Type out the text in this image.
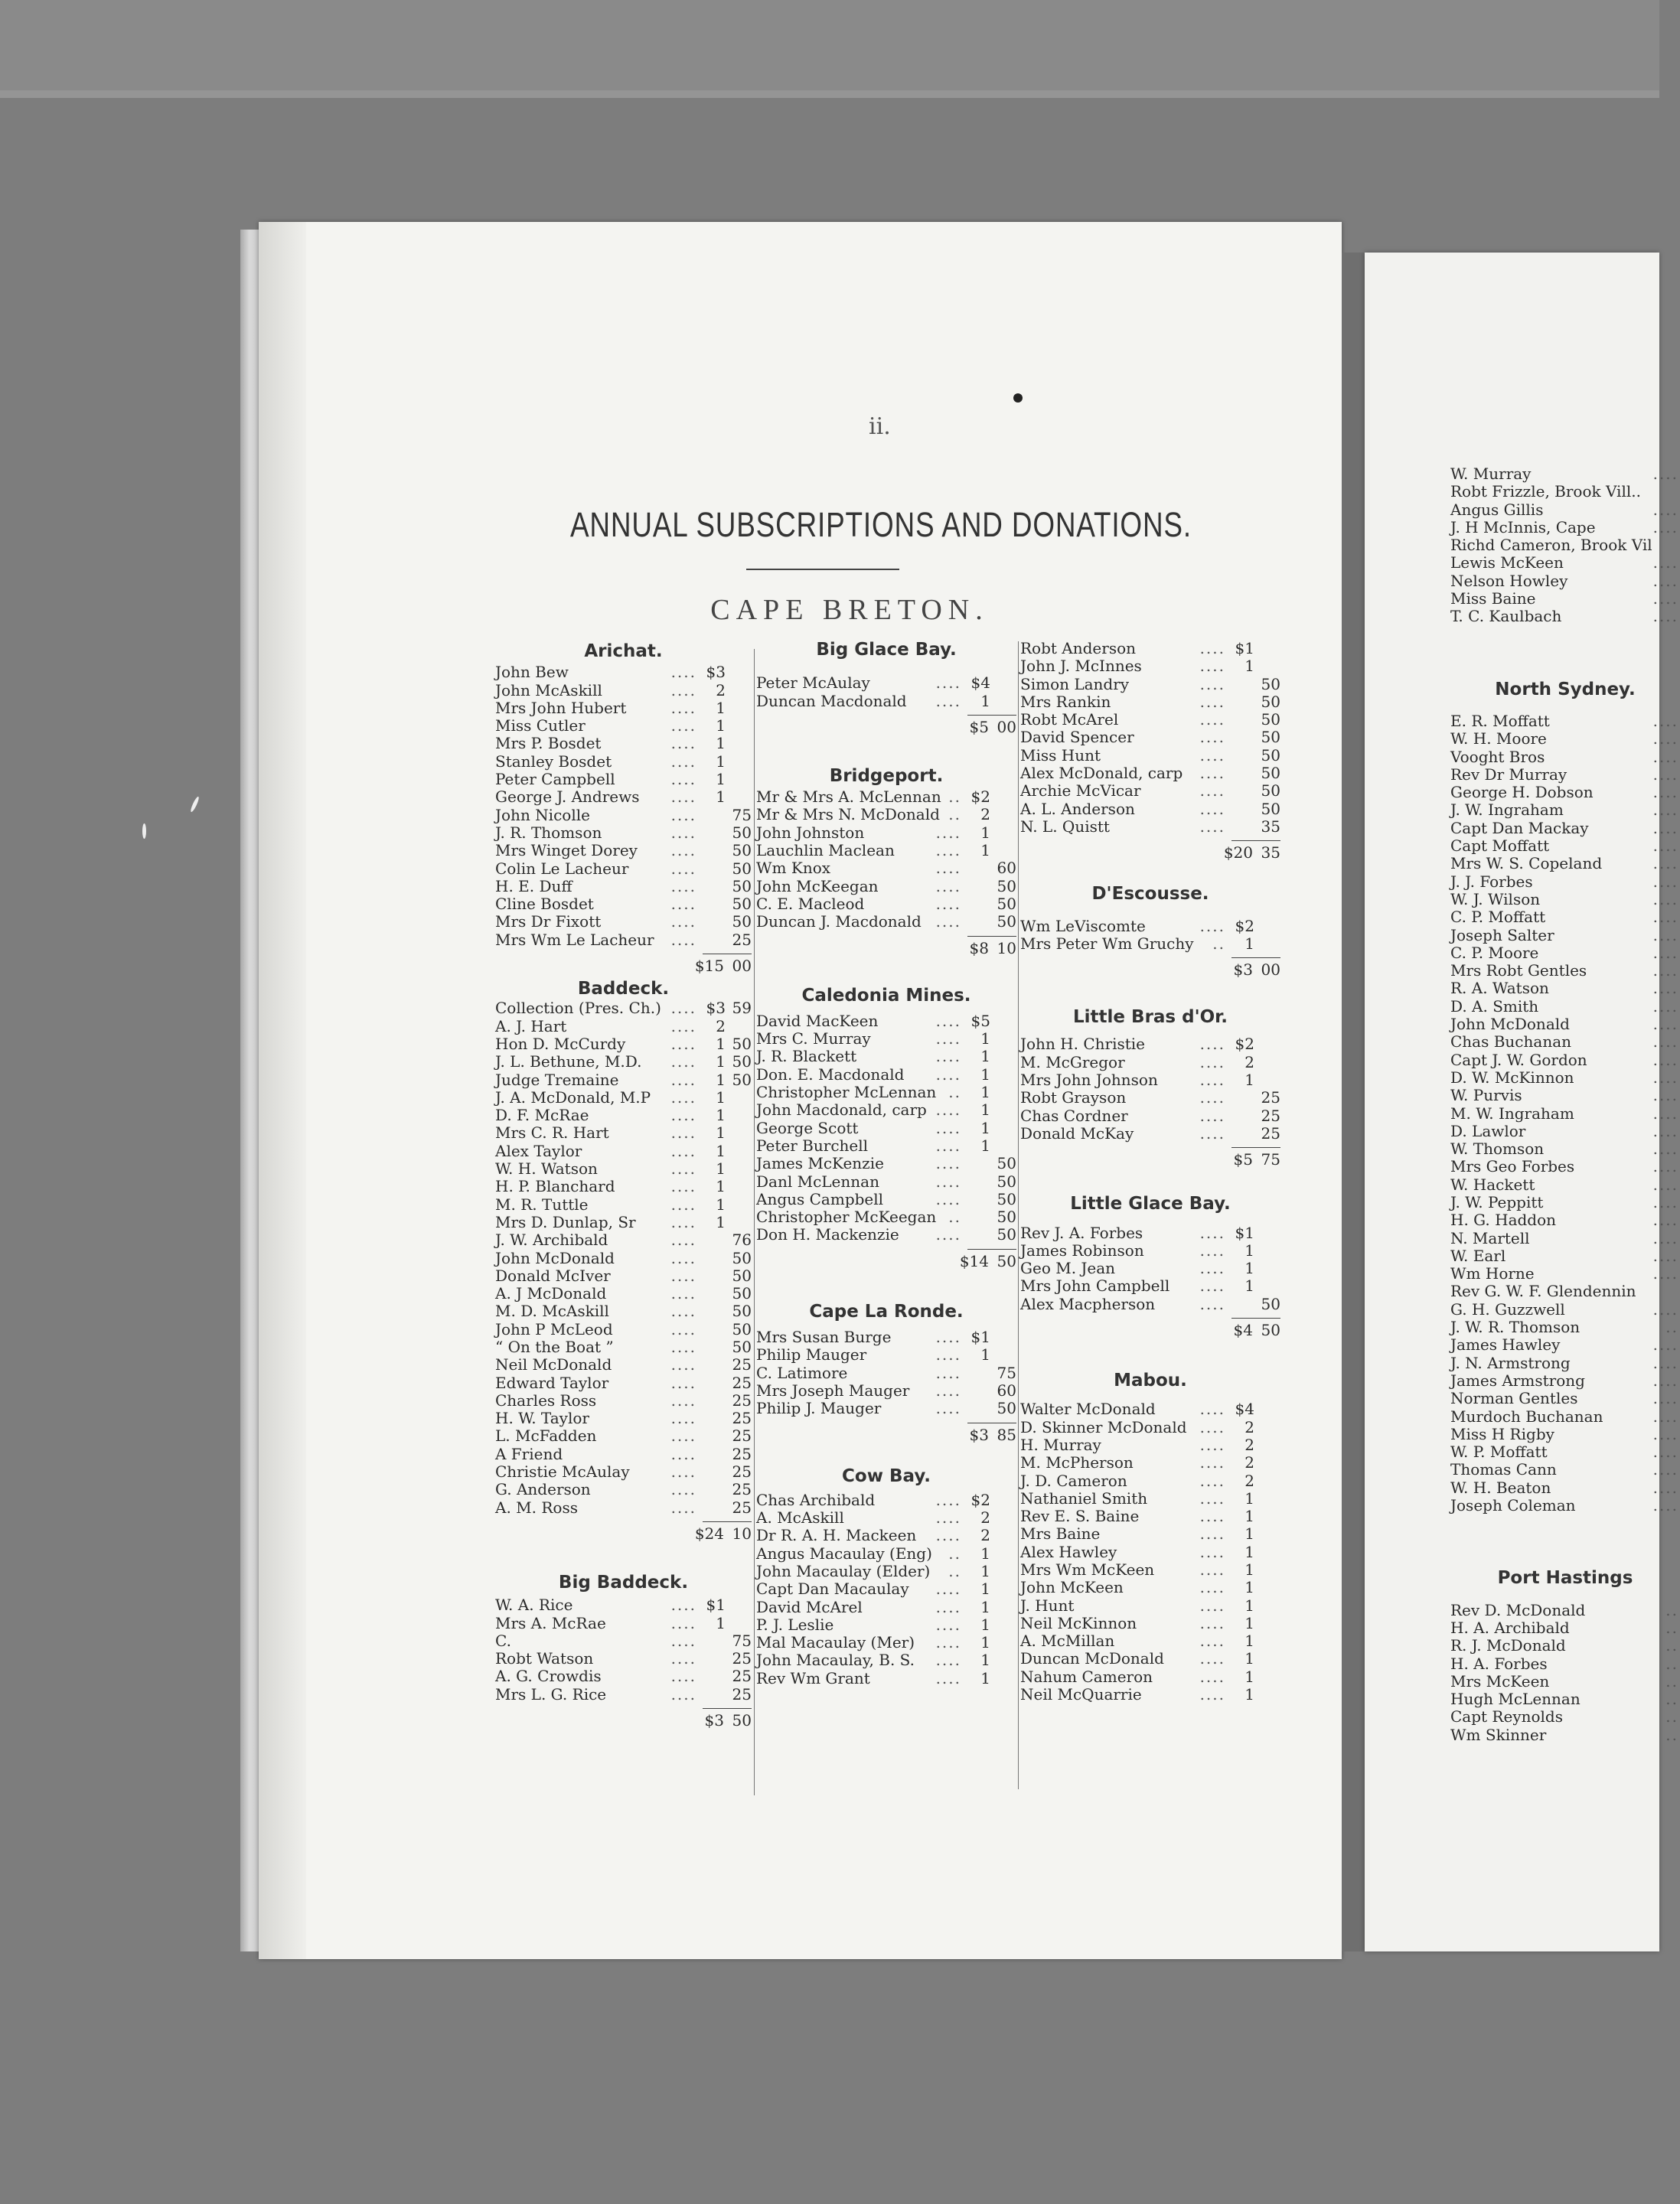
W. Murray	....
Robt Frizzle, Brook Vill..
Angus Gillis	....
J. H McInnis, Cape	....
Richd Cameron, Brook Vil
Lewis McKeen	....
Nelson Howley	....
Miss Baine	....
T. C. Kaulbach	....
North Sydney.
E. R. Moffatt	....
W. H. Moore	....
Vooght Bros	....
Rev Dr Murray	....
George H. Dobson	....
J. W. Ingraham	....
Capt Dan Mackay	....
Capt Moffatt	....
Mrs W. S. Copeland	....
J. J. Forbes	....
W. J. Wilson	....
C. P. Moffatt	....
Joseph Salter	....
C. P. Moore	....
Mrs Robt Gentles	....
R. A. Watson	....
D. A. Smith	....
John McDonald	....
Chas Buchanan	....
Capt J. W. Gordon	....
D. W. McKinnon	....
W. Purvis	....
M. W. Ingraham	....
D. Lawlor	....
W. Thomson	....
Mrs Geo Forbes	....
W. Hackett	....
J. W. Peppitt	....
H. G. Haddon	....
N. Martell	....
W. Earl	....
Wm Horne	....
Rev G. W. F. Glendennin
G. H. Guzzwell	....
J. W. R. Thomson	..
James Hawley	....
J. N. Armstrong	....
James Armstrong	....
Norman Gentles	....
Murdoch Buchanan	....
Miss H Rigby	....
W. P. Moffatt	....
Thomas Cann	....
W. H. Beaton	....
Joseph Coleman	....
Port Hastings
Rev D. McDonald	..
H. A. Archibald	..
R. J. McDonald	..
H. A. Forbes	..
Mrs McKeen	..
Hugh McLennan	..
Capt Reynolds	..
Wm Skinner	..
ii.
ANNUAL SUBSCRIPTIONS AND DONATIONS.
CAPE BRETON.
Arichat.
John Bew	.... $3
John McAskill	....	2
Mrs John Hubert	....	1
Miss Cutler	....	1
Mrs P. Bosdet	....	1
Stanley Bosdet	....	1
Peter Campbell	....	1
George J. Andrews	....	1
John Nicolle	....	75
J. R. Thomson	....	50
Mrs Winget Dorey	....	50
Colin Le Lacheur	....	50
H. E. Duff	....	50
Cline Bosdet	....	50
Mrs Dr Fixott	....	50
Mrs Wm Le Lacheur	....	25
$15 00
Baddeck.
Collection (Pres. Ch.) .... $3 59
A. J. Hart	....	2
Hon D. McCurdy	....	1 50
J. L. Bethune, M.D.	....	1 50
Judge Tremaine	....	1 50
J. A. McDonald, M.P	....	1
D. F. McRae	....	1
Mrs C. R. Hart	....	1
Alex Taylor	....	1
W. H. Watson	....	1
H. P. Blanchard	....	1
M. R. Tuttle	....	1
Mrs D. Dunlap, Sr	....	1
J. W. Archibald	....	76
John McDonald	....	50
Donald McIver	....	50
A. J McDonald	....	50
M. D. McAskill	....	50
John P McLeod	....	50
“ On the Boat ”	....	50
Neil McDonald	....	25
Edward Taylor	....	25
Charles Ross	....	25
H. W. Taylor	....	25
L. McFadden	....	25
A Friend	....	25
Christie McAulay	....	25
G. Anderson	....	25
A. M. Ross	....	25
$24 10
Big Baddeck.
W. A. Rice	.... $1
Mrs A. McRae	....	1
C.	....	75
Robt Watson	....	25
A. G. Crowdis	....	25
Mrs L. G. Rice	....	25
$3 50
Big Glace Bay.
Peter McAulay	.... $4
Duncan Macdonald	....	1
$5 00
Bridgeport.
Mr & Mrs A. McLennan .. $2
Mr & Mrs N. McDonald ..	2
John Johnston	....	1
Lauchlin Maclean	....	1
Wm Knox	....	60
John McKeegan	....	50
C. E. Macleod	....	50
Duncan J. Macdonald ....	50
$8 10
Caledonia Mines.
David MacKeen	.... $5
Mrs C. Murray	....	1
J. R. Blackett	....	1
Don. E. Macdonald	....	1
Christopher McLennan ..	1
John Macdonald, carp ....	1
George Scott	....	1
Peter Burchell	....	1
James McKenzie	....	50
Danl McLennan	....	50
Angus Campbell	....	50
Christopher McKeegan ..	50
Don H. Mackenzie	....	50
$14 50
Cape La Ronde.
Mrs Susan Burge	.... $1
Philip Mauger	....	1
C. Latimore	....	75
Mrs Joseph Mauger	....	60
Philip J. Mauger	....	50
$3 85
Cow Bay.
Chas Archibald	.... $2
A. McAskill	....	2
Dr R. A. H. Mackeen	....	2
Angus Macaulay (Eng)	..	1
John Macaulay (Elder)	..	1
Capt Dan Macaulay	....	1
David McArel	....	1
P. J. Leslie	....	1
Mal Macaulay (Mer)	....	1
John Macaulay, B. S.	....	1
Rev Wm Grant	....	1
Robt Anderson	.... $1
John J. McInnes	....	1
Simon Landry	....	50
Mrs Rankin	....	50
Robt McArel	....	50
David Spencer	....	50
Miss Hunt	....	50
Alex McDonald, carp	....	50
Archie McVicar	....	50
A. L. Anderson	....	50
N. L. Quistt	....	35
$20 35
D'Escousse.
Wm LeViscomte	.... $2
Mrs Peter Wm Gruchy	..	1
$3 00
Little Bras d'Or.
John H. Christie	.... $2
M. McGregor	....	2
Mrs John Johnson	....	1
Robt Grayson	....	25
Chas Cordner	....	25
Donald McKay	....	25
$5 75
Little Glace Bay.
Rev J. A. Forbes	.... $1
James Robinson	....	1
Geo M. Jean	....	1
Mrs John Campbell	....	1
Alex Macpherson	....	50
$4 50
Mabou.
Walter McDonald	.... $4
D. Skinner McDonald ....	2
H. Murray	....	2
M. McPherson	....	2
J. D. Cameron	....	2
Nathaniel Smith	....	1
Rev E. S. Baine	....	1
Mrs Baine	....	1
Alex Hawley	....	1
Mrs Wm McKeen	....	1
John McKeen	....	1
J. Hunt	....	1
Neil McKinnon	....	1
A. McMillan	....	1
Duncan McDonald	....	1
Nahum Cameron	....	1
Neil McQuarrie	....	1
